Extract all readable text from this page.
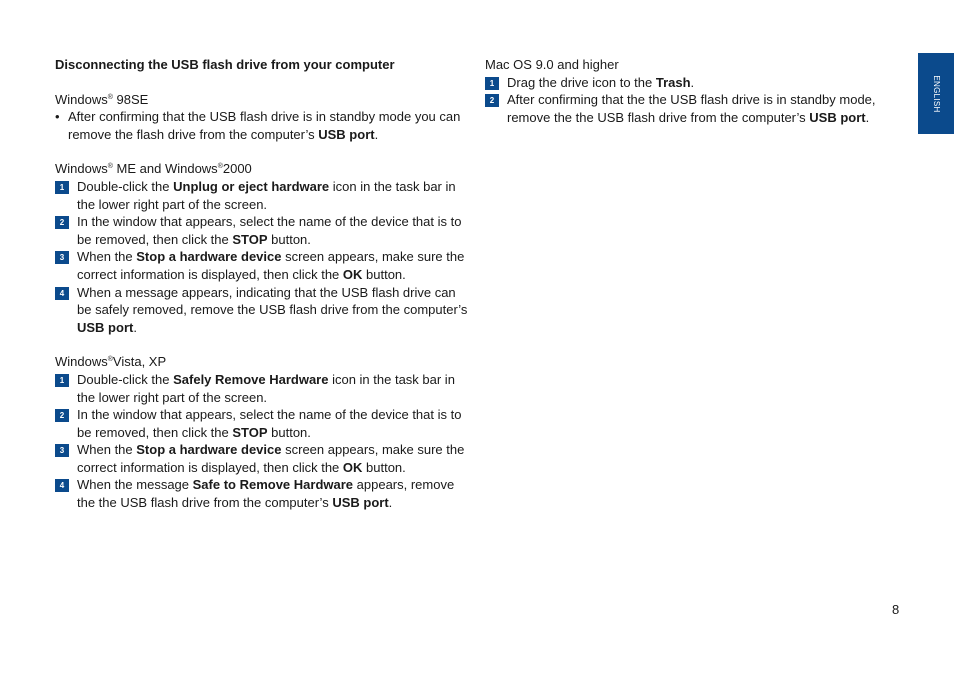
Disconnecting the USB flash drive from your computer

Windows® 98SE

• After confirming that the USB flash drive is in standby mode you can remove the flash drive from the computer’s USB port.

Windows® ME and Windows®2000

1 Double-click the Unplug or eject hardware icon in the task bar in the lower right part of the screen.
2 In the window that appears, select the name of the device that is to be removed, then click the STOP button.
3 When the Stop a hardware device screen appears, make sure the correct information is displayed, then click the OK button.
4 When a message appears, indicating that the USB flash drive can be safely removed, remove the USB flash drive from the computer’s USB port.

Windows®Vista, XP

1 Double-click the Safely Remove Hardware icon in the task bar in the lower right part of the screen.
2 In the window that appears, select the name of the device that is to be removed, then click the STOP button.
3 When the Stop a hardware device screen appears, make sure the correct information is displayed, then click the OK button.
4 When the message Safe to Remove Hardware appears, remove the the USB flash drive from the computer’s USB port.

Mac OS 9.0 and higher

1 Drag the drive icon to the Trash.
2 After confirming that the the USB flash drive is in standby mode, remove the the USB flash drive from the computer’s USB port.
ENGLISH
8
